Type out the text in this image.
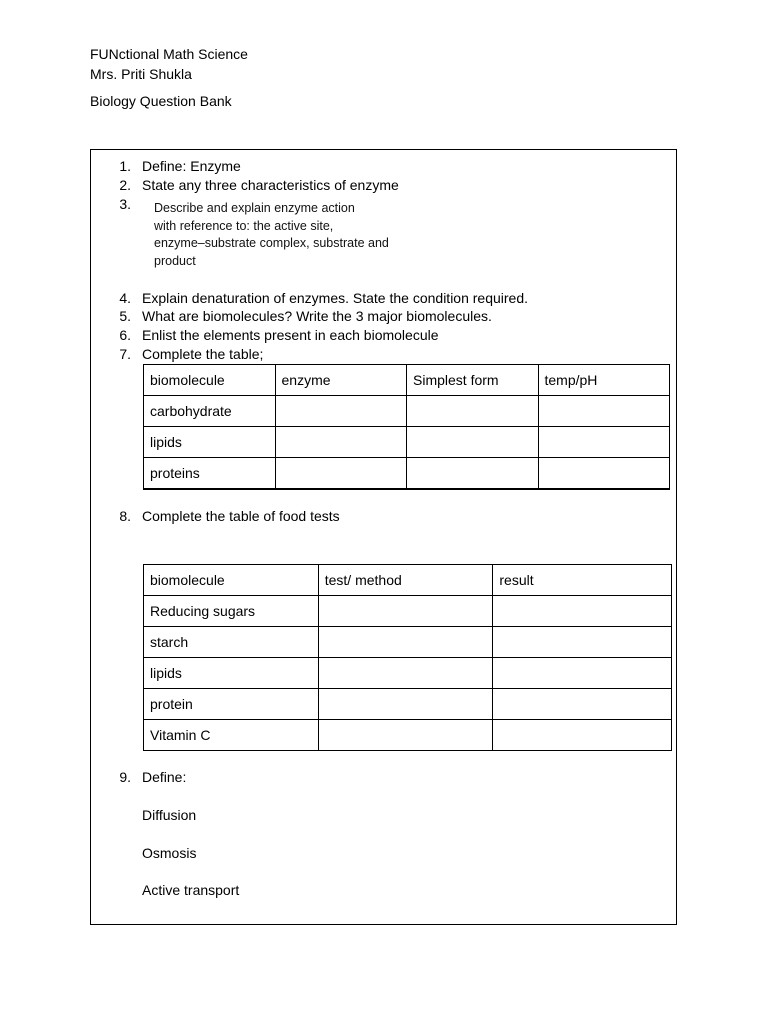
FUNctional Math Science
Mrs. Priti Shukla
Biology Question Bank
1. Define: Enzyme
2. State any three characteristics of enzyme
3. Describe and explain enzyme action
with reference to: the active site,
enzyme–substrate complex, substrate and
product
4. Explain denaturation of enzymes. State the condition required.
5. What are biomolecules? Write the 3 major biomolecules.
6. Enlist the elements present in each biomolecule
7. Complete the table;
biomolecule	enzyme	Simplest form	temp/pH
carbohydrate			
lipids			
proteins			
8. Complete the table of food tests
biomolecule	test/ method	result
Reducing sugars		
starch		
lipids		
protein		
Vitamin C		
9. Define:
Diffusion
Osmosis
Active transport
